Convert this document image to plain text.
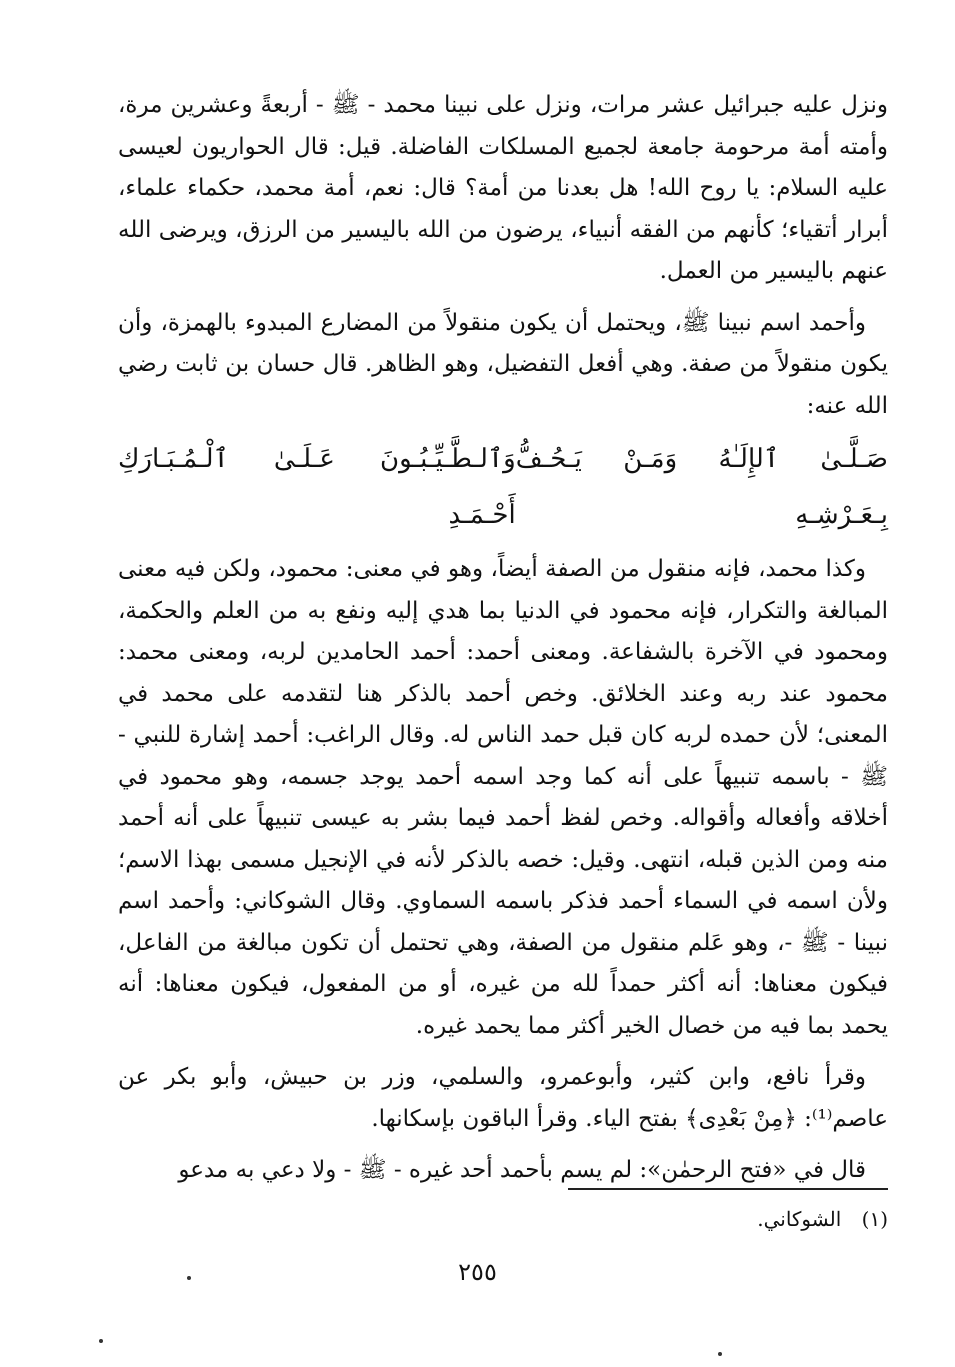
ونزل عليه جبرائيل عشر مرات، ونزل على نبينا محمد - ﷺ - أربعةً وعشرين مرة، وأمته أمة مرحومة جامعة لجميع المسلكات الفاضلة. قيل: قال الحواريون لعيسى عليه السلام: يا روح الله! هل بعدنا من أمة؟ قال: نعم، أمة محمد، حكماء علماء، أبرار أتقياء؛ كأنهم من الفقه أنبياء، يرضون من الله باليسير من الرزق، ويرضى الله عنهم باليسير من العمل.

وأحمد اسم نبينا ﷺ، ويحتمل أن يكون منقولاً من المضارع المبدوء بالهمزة، وأن يكون منقولاً من صفة. وهي أفعل التفضيل، وهو الظاهر. قال حسان بن ثابت رضي الله عنه:

صَـلَّـىٰ ٱلإِلَـٰهُ وَمَـنْ يَـحُـفُّ بِـعَـرْشِـهِ
وَٱلـطَّـيِّـبُـونَ عَـلَـىٰ ٱلْـمُـبَـارَكِ أَحْـمَـدِ

وكذا محمد، فإنه منقول من الصفة أيضاً، وهو في معنى: محمود، ولكن فيه معنى المبالغة والتكرار، فإنه محمود في الدنيا بما هدي إليه ونفع به من العلم والحكمة، ومحمود في الآخرة بالشفاعة. ومعنى أحمد: أحمد الحامدين لربه، ومعنى محمد: محمود عند ربه وعند الخلائق. وخص أحمد بالذكر هنا لتقدمه على محمد في المعنى؛ لأن حمده لربه كان قبل حمد الناس له. وقال الراغب: أحمد إشارة للنبي - ﷺ - باسمه تنبيهاً على أنه كما وجد اسمه أحمد يوجد جسمه، وهو محمود في أخلاقه وأفعاله وأقواله. وخص لفظ أحمد فيما بشر به عيسى تنبيهاً على أنه أحمد منه ومن الذين قبله، انتهى. وقيل: خصه بالذكر لأنه في الإنجيل مسمى بهذا الاسم؛ ولأن اسمه في السماء أحمد فذكر باسمه السماوي. وقال الشوكاني: وأحمد اسم نبينا - ﷺ -، وهو عَلم منقول من الصفة، وهي تحتمل أن تكون مبالغة من الفاعل، فيكون معناها: أنه أكثر حمداً لله من غيره، أو من المفعول، فيكون معناها: أنه يحمد بما فيه من خصال الخير أكثر مما يحمد غيره.

وقرأ نافع، وابن كثير، وأبوعمرو، والسلمي، وزر بن حبيش، وأبو بكر عن عاصم⁽¹⁾: ﴿مِنْ بَعْدِى﴾ بفتح الياء. وقرأ الباقون بإسكانها.

قال في «فتح الرحمٰن»: لم يسم بأحمد أحد غيره - ﷺ - ولا دعي به مدعو

(١) الشوكاني.
٢٥٥
